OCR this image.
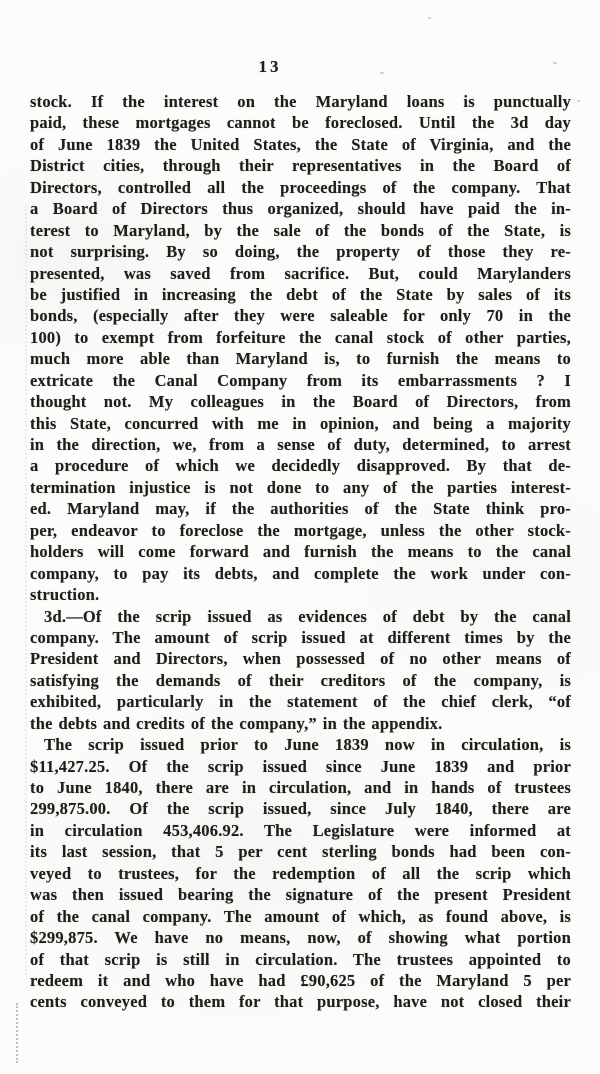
13
stock. If the interest on the Maryland loans is punctually
paid, these mortgages cannot be foreclosed. Until the 3d day
of June 1839 the United States, the State of Virginia, and the
District cities, through their representatives in the Board of
Directors, controlled all the proceedings of the company. That
a Board of Directors thus organized, should have paid the in-
terest to Maryland, by the sale of the bonds of the State, is
not surprising. By so doing, the property of those they re-
presented, was saved from sacrifice. But, could Marylanders
be justified in increasing the debt of the State by sales of its
bonds, (especially after they were saleable for only 70 in the
100) to exempt from forfeiture the canal stock of other parties,
much more able than Maryland is, to furnish the means to
extricate the Canal Company from its embarrassments ? I
thought not. My colleagues in the Board of Directors, from
this State, concurred with me in opinion, and being a majority
in the direction, we, from a sense of duty, determined, to arrest
a procedure of which we decidedly disapproved. By that de-
termination injustice is not done to any of the parties interest-
ed. Maryland may, if the authorities of the State think pro-
per, endeavor to foreclose the mortgage, unless the other stock-
holders will come forward and furnish the means to the canal
company, to pay its debts, and complete the work under con-
struction.
3d.—Of the scrip issued as evidences of debt by the canal
company. The amount of scrip issued at different times by the
President and Directors, when possessed of no other means of
satisfying the demands of their creditors of the company, is
exhibited, particularly in the statement of the chief clerk, “of
the debts and credits of the company,” in the appendix.
The scrip issued prior to June 1839 now in circulation, is
$11,427.25. Of the scrip issued since June 1839 and prior
to June 1840, there are in circulation, and in hands of trustees
299,875.00. Of the scrip issued, since July 1840, there are
in circulation 453,406.92. The Legislature were informed at
its last session, that 5 per cent sterling bonds had been con-
veyed to trustees, for the redemption of all the scrip which
was then issued bearing the signature of the present President
of the canal company. The amount of which, as found above, is
$299,875. We have no means, now, of showing what portion
of that scrip is still in circulation. The trustees appointed to
redeem it and who have had £90,625 of the Maryland 5 per
cents conveyed to them for that purpose, have not closed their
